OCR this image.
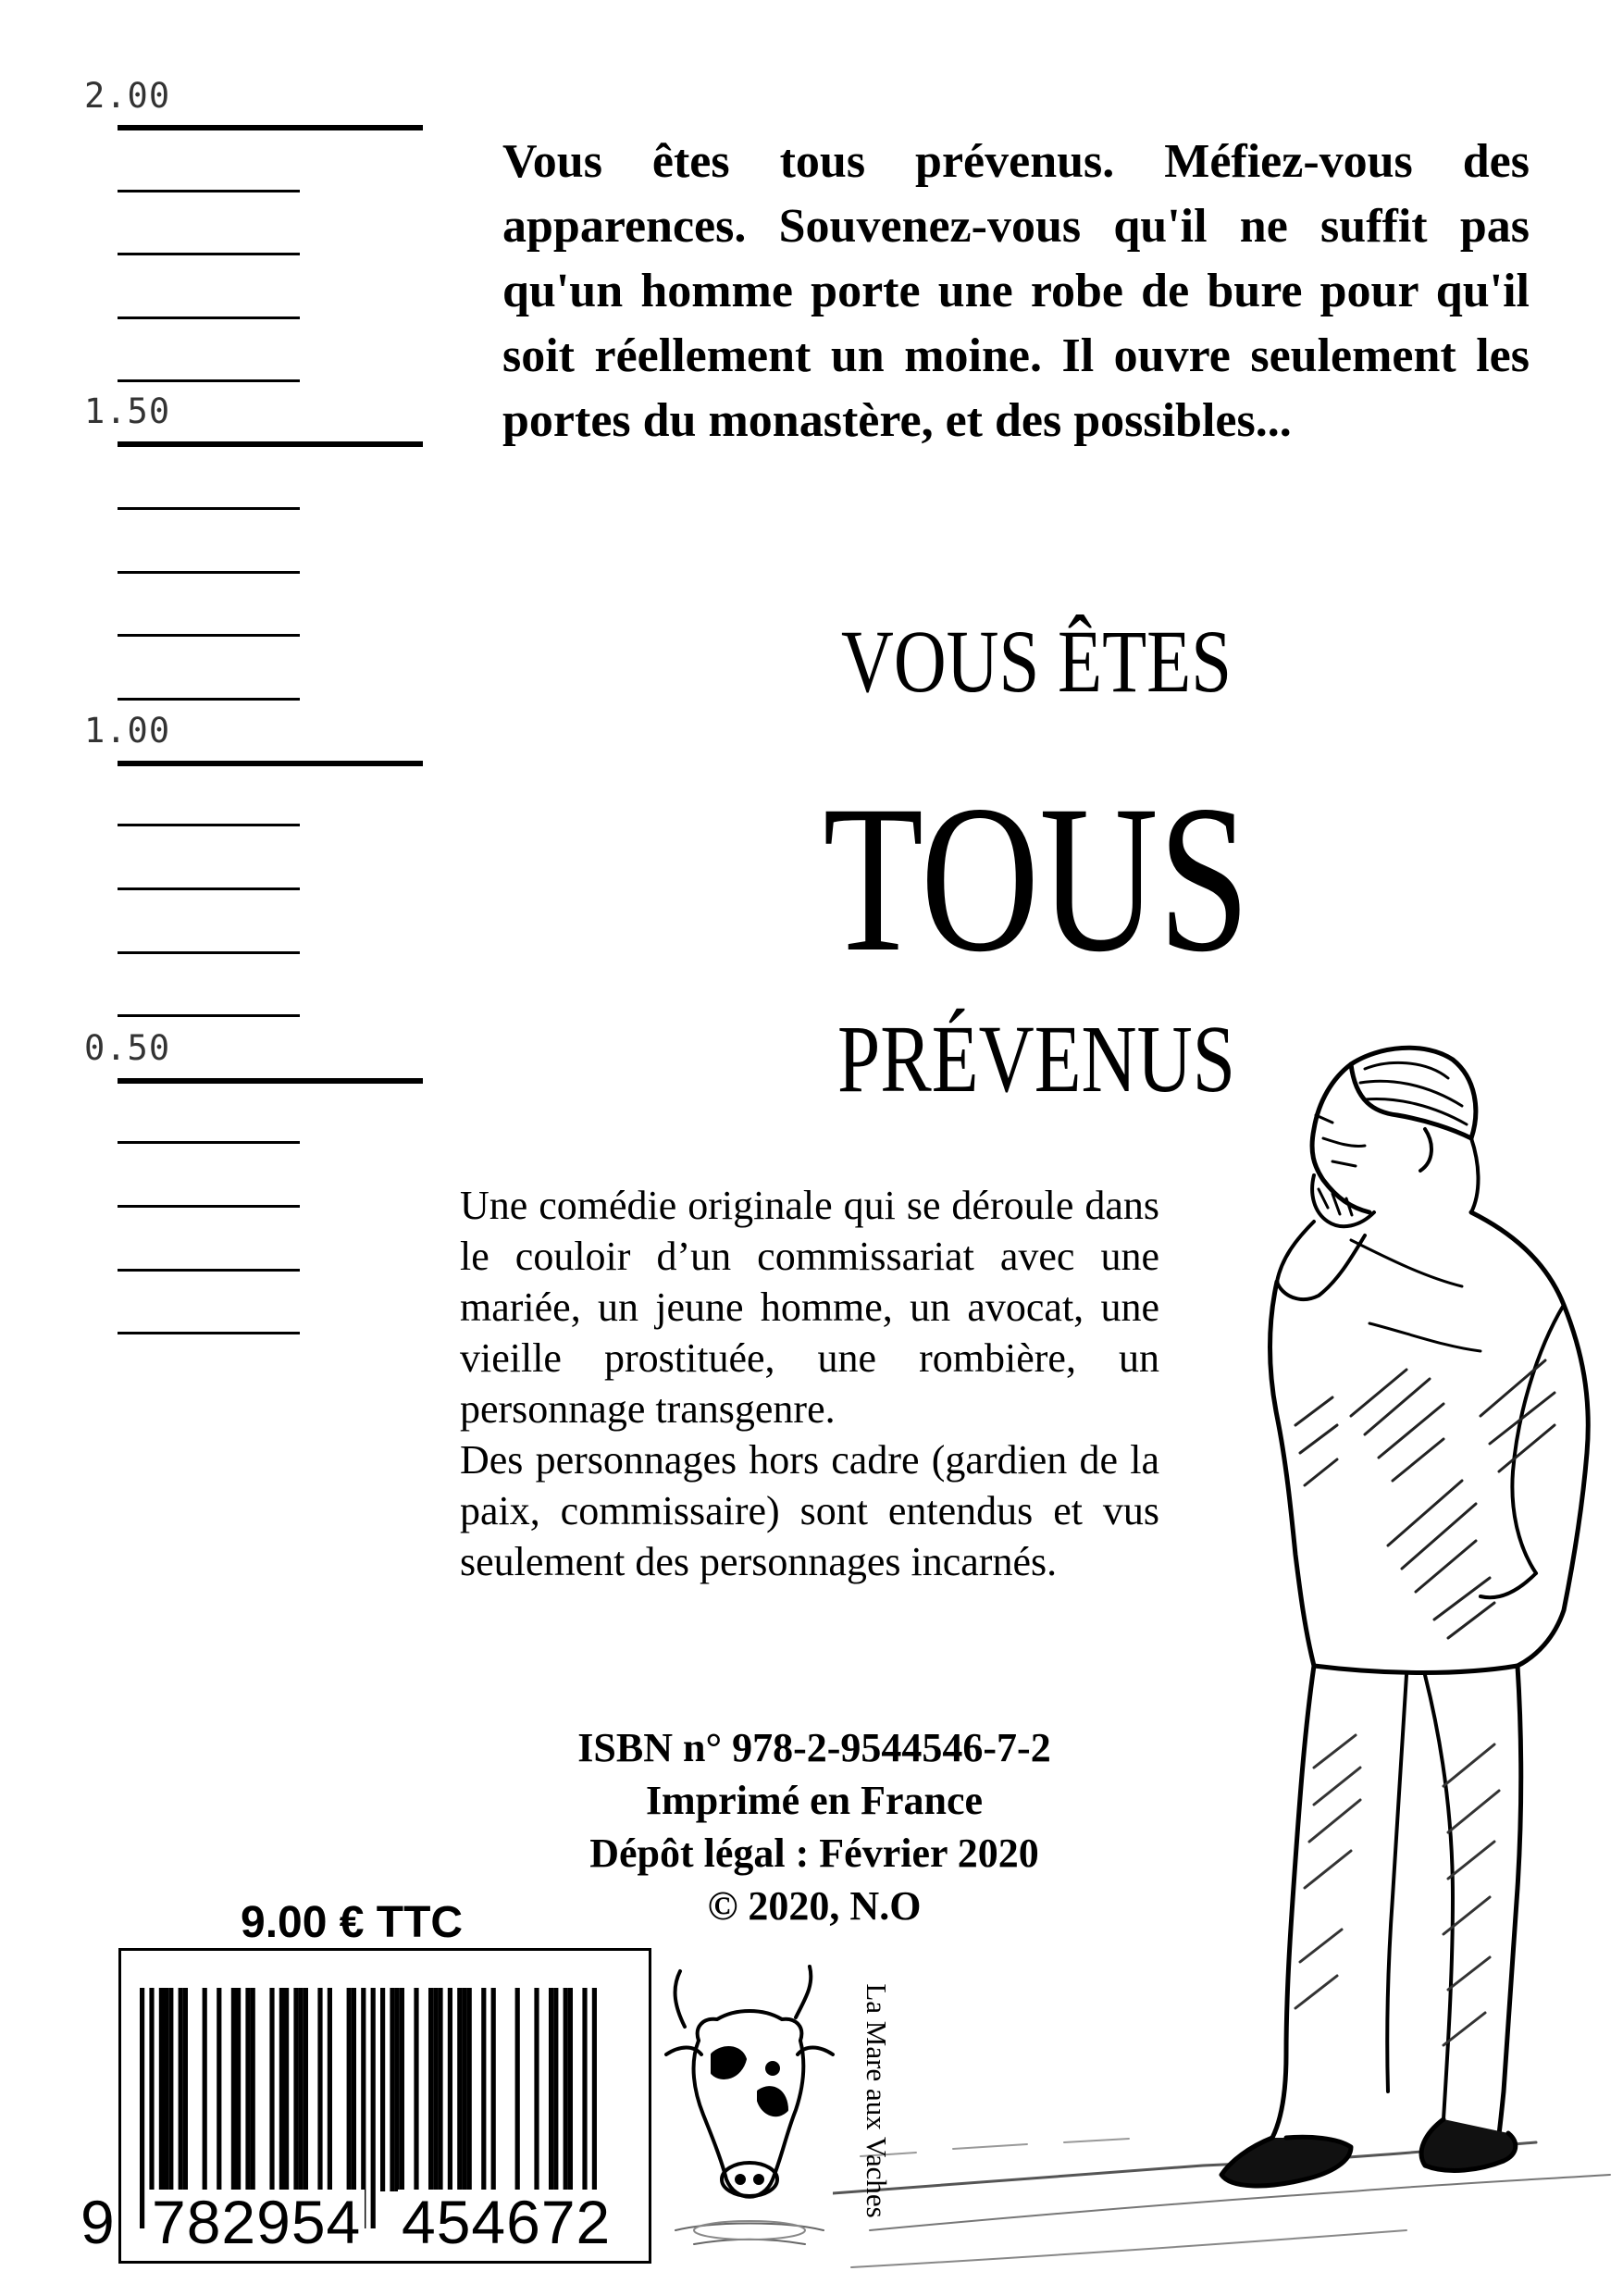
2.00
1.50
1.00
0.50
Vous êtes tous prévenus. Méfiez-vous des apparences. Souvenez-vous qu'il ne suffit pas qu'un homme porte une robe de bure pour qu'il soit réellement un moine. Il ouvre seulement les portes du monastère, et des possibles...
VOUS ÊTES
TOUS
PRÉVENUS

Une comédie originale qui se déroule dans le couloir d’un commissariat avec une mariée, un jeune homme, un avocat, une vieille prostituée, une rombière, un personnage transgenre.

Des personnages hors cadre (gardien de la paix, commissaire) sont entendus et vus seulement des personnages incarnés.

ISBN n° 978-2-9544546-7-2
Imprimé en France
Dépôt légal : Février 2020
© 2020, N.O
9.00 € TTC
9 782954 454672
La Mare aux Vaches
